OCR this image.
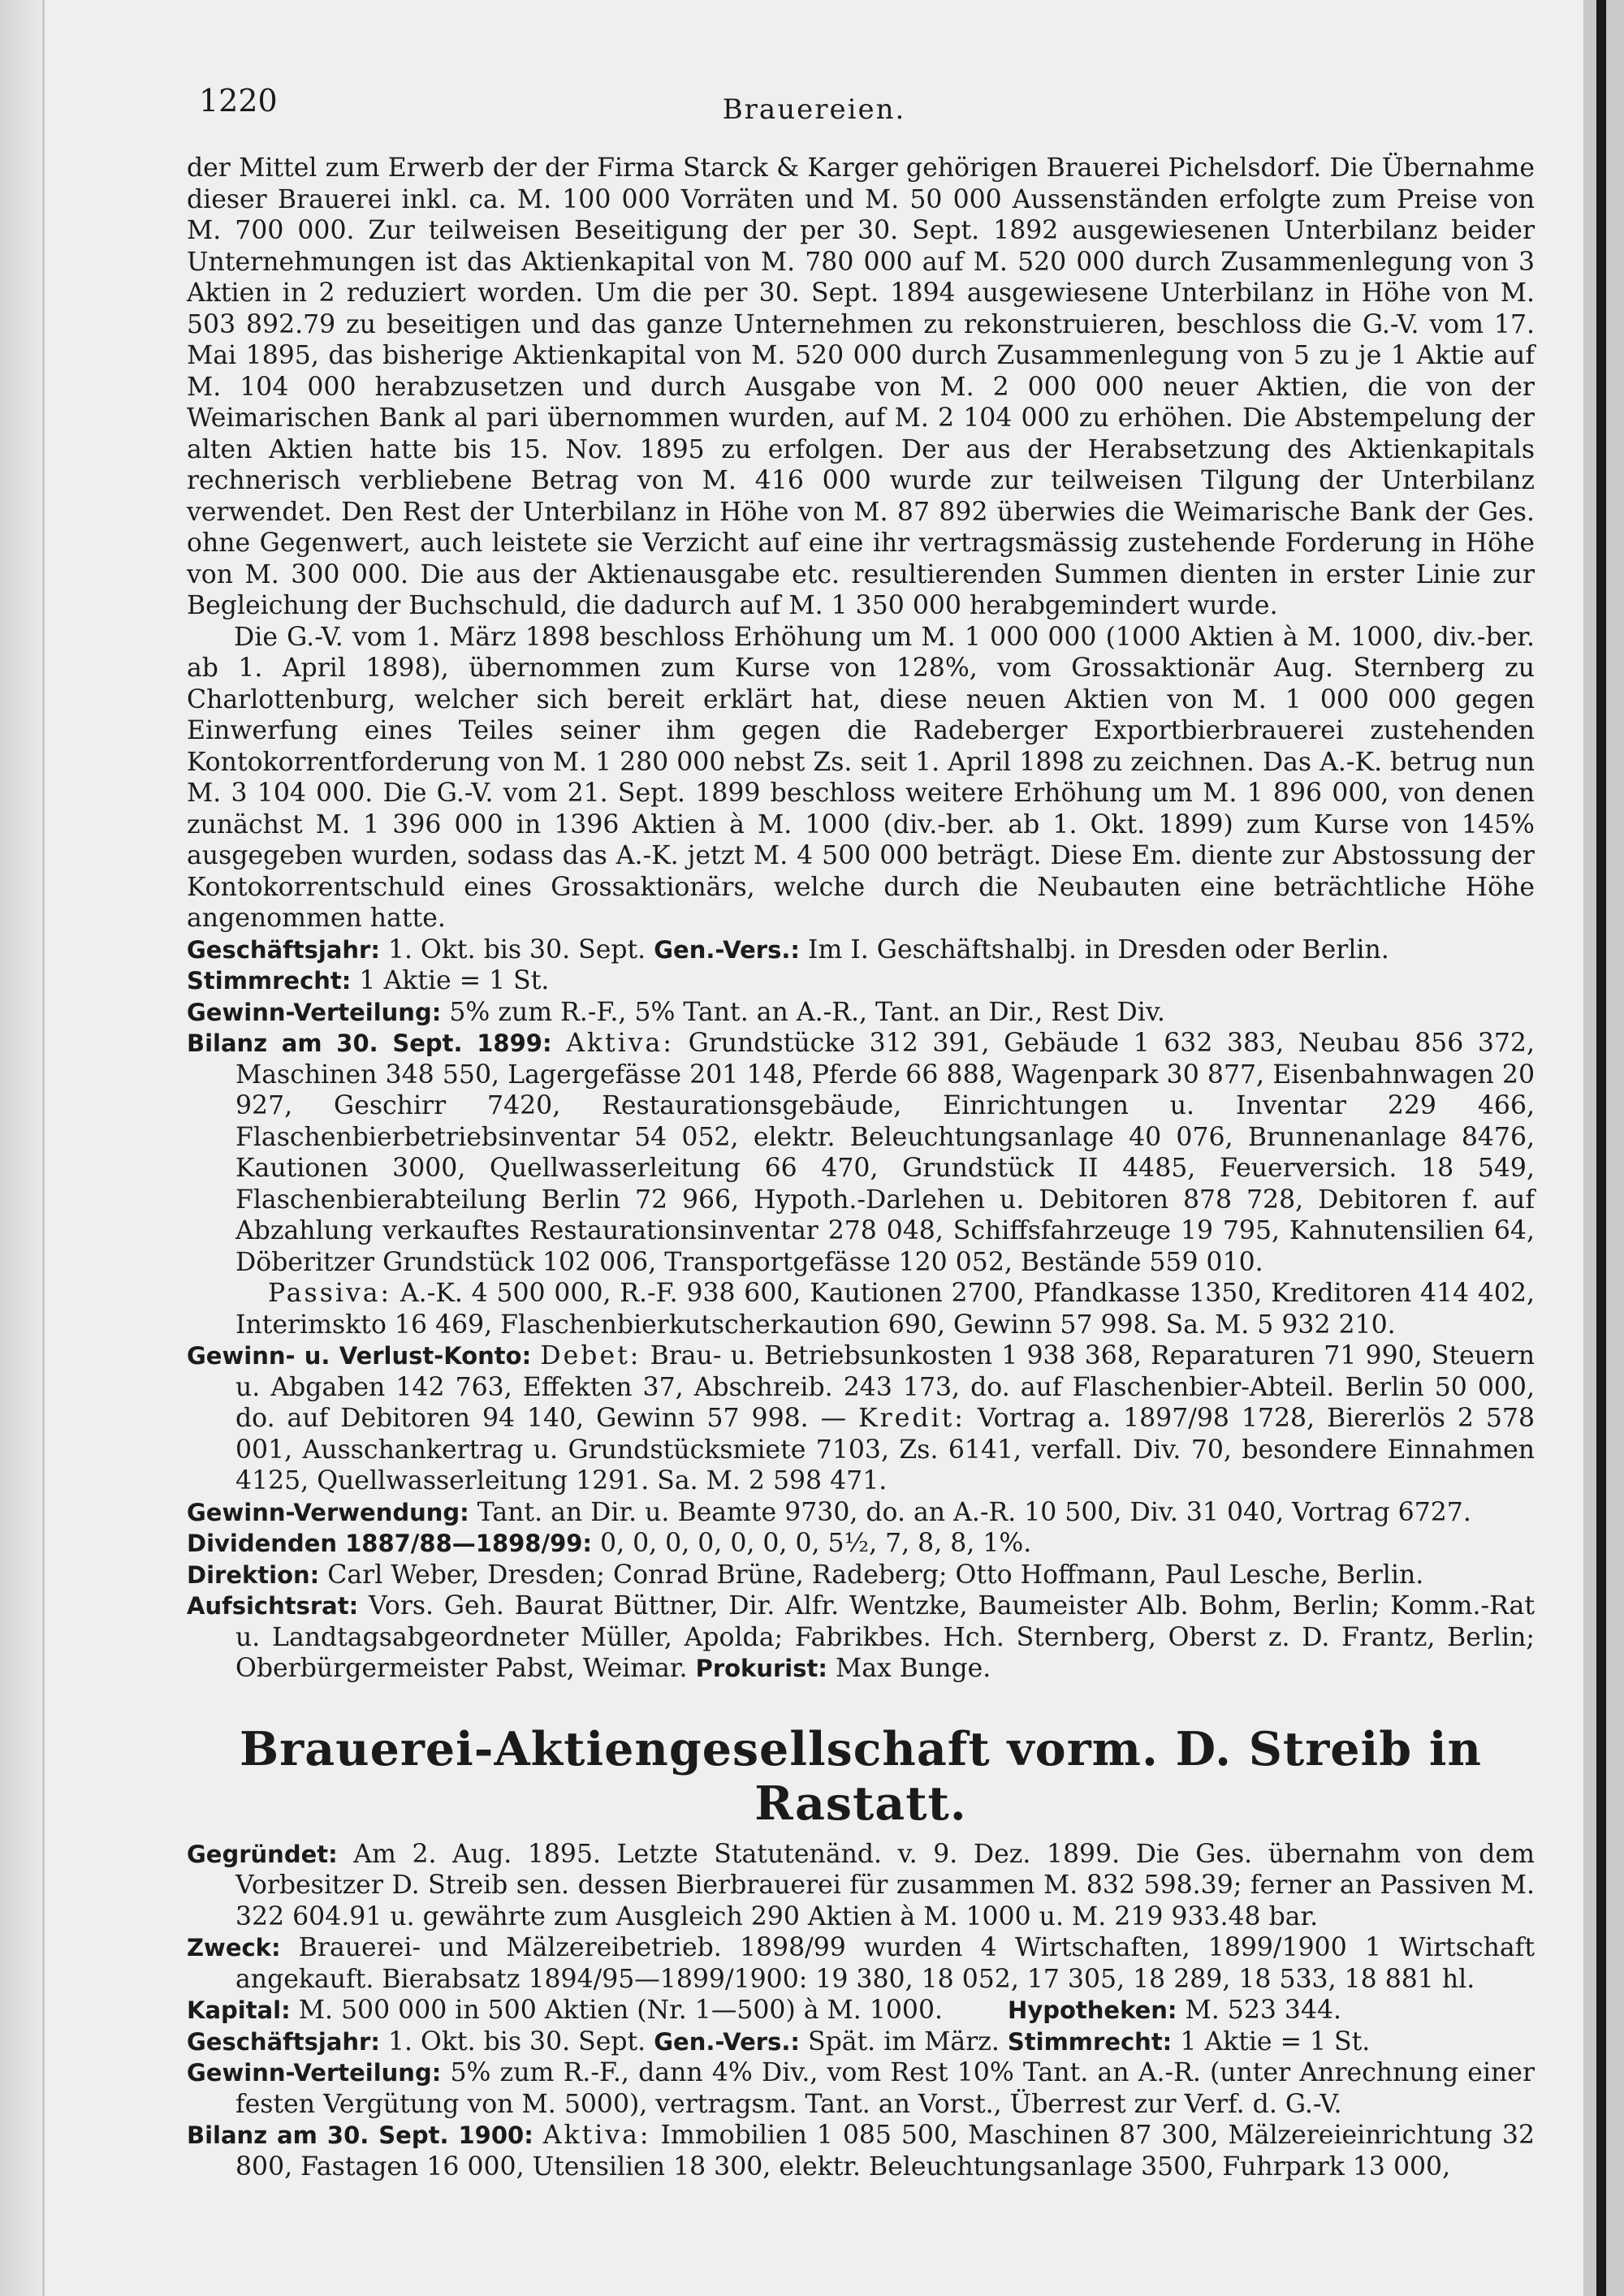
1220	Brauereien.

der Mittel zum Erwerb der der Firma Starck & Karger gehörigen Brauerei Pichelsdorf. Die Übernahme dieser Brauerei inkl. ca. M. 100 000 Vorräten und M. 50 000 Aussenständen erfolgte zum Preise von M. 700 000. Zur teilweisen Beseitigung der per 30. Sept. 1892 ausgewiesenen Unterbilanz beider Unternehmungen ist das Aktienkapital von M. 780 000 auf M. 520 000 durch Zusammenlegung von 3 Aktien in 2 reduziert worden. Um die per 30. Sept. 1894 ausgewiesene Unterbilanz in Höhe von M. 503 892.79 zu beseitigen und das ganze Unternehmen zu rekonstruieren, beschloss die G.-V. vom 17. Mai 1895, das bisherige Aktienkapital von M. 520 000 durch Zusammenlegung von 5 zu je 1 Aktie auf M. 104 000 herabzusetzen und durch Ausgabe von M. 2 000 000 neuer Aktien, die von der Weimarischen Bank al pari übernommen wurden, auf M. 2 104 000 zu erhöhen. Die Abstempelung der alten Aktien hatte bis 15. Nov. 1895 zu erfolgen. Der aus der Herabsetzung des Aktienkapitals rechnerisch verbliebene Betrag von M. 416 000 wurde zur teilweisen Tilgung der Unterbilanz verwendet. Den Rest der Unterbilanz in Höhe von M. 87 892 überwies die Weimarische Bank der Ges. ohne Gegenwert, auch leistete sie Verzicht auf eine ihr vertragsmässig zustehende Forderung in Höhe von M. 300 000. Die aus der Aktienausgabe etc. resultierenden Summen dienten in erster Linie zur Begleichung der Buchschuld, die dadurch auf M. 1 350 000 herabgemindert wurde.

Die G.-V. vom 1. März 1898 beschloss Erhöhung um M. 1 000 000 (1000 Aktien à M. 1000, div.-ber. ab 1. April 1898), übernommen zum Kurse von 128%, vom Grossaktionär Aug. Sternberg zu Charlottenburg, welcher sich bereit erklärt hat, diese neuen Aktien von M. 1 000 000 gegen Einwerfung eines Teiles seiner ihm gegen die Radeberger Exportbierbrauerei zustehenden Kontokorrentforderung von M. 1 280 000 nebst Zs. seit 1. April 1898 zu zeichnen. Das A.-K. betrug nun M. 3 104 000. Die G.-V. vom 21. Sept. 1899 beschloss weitere Erhöhung um M. 1 896 000, von denen zunächst M. 1 396 000 in 1396 Aktien à M. 1000 (div.-ber. ab 1. Okt. 1899) zum Kurse von 145% ausgegeben wurden, sodass das A.-K. jetzt M. 4 500 000 beträgt. Diese Em. diente zur Abstossung der Kontokorrentschuld eines Grossaktionärs, welche durch die Neubauten eine beträchtliche Höhe angenommen hatte.

Geschäftsjahr: 1. Okt. bis 30. Sept. Gen.-Vers.: Im I. Geschäftshalbj. in Dresden oder Berlin.

Stimmrecht: 1 Aktie = 1 St.

Gewinn-Verteilung: 5% zum R.-F., 5% Tant. an A.-R., Tant. an Dir., Rest Div.

Bilanz am 30. Sept. 1899: Aktiva: Grundstücke 312 391, Gebäude 1 632 383, Neubau 856 372, Maschinen 348 550, Lagergefässe 201 148, Pferde 66 888, Wagenpark 30 877, Eisenbahnwagen 20 927, Geschirr 7420, Restaurationsgebäude, Einrichtungen u. Inventar 229 466, Flaschenbierbetriebsinventar 54 052, elektr. Beleuchtungsanlage 40 076, Brunnenanlage 8476, Kautionen 3000, Quellwasserleitung 66 470, Grundstück II 4485, Feuerversich. 18 549, Flaschenbierabteilung Berlin 72 966, Hypoth.-Darlehen u. Debitoren 878 728, Debitoren f. auf Abzahlung verkauftes Restaurationsinventar 278 048, Schiffsfahrzeuge 19 795, Kahnutensilien 64, Döberitzer Grundstück 102 006, Transportgefässe 120 052, Bestände 559 010.

Passiva: A.-K. 4 500 000, R.-F. 938 600, Kautionen 2700, Pfandkasse 1350, Kreditoren 414 402, Interimskto 16 469, Flaschenbierkutscherkaution 690, Gewinn 57 998. Sa. M. 5 932 210.

Gewinn- u. Verlust-Konto: Debet: Brau- u. Betriebsunkosten 1 938 368, Reparaturen 71 990, Steuern u. Abgaben 142 763, Effekten 37, Abschreib. 243 173, do. auf Flaschenbier-Abteil. Berlin 50 000, do. auf Debitoren 94 140, Gewinn 57 998. — Kredit: Vortrag a. 1897/98 1728, Biererlös 2 578 001, Ausschankertrag u. Grundstücksmiete 7103, Zs. 6141, verfall. Div. 70, besondere Einnahmen 4125, Quellwasserleitung 1291. Sa. M. 2 598 471.

Gewinn-Verwendung: Tant. an Dir. u. Beamte 9730, do. an A.-R. 10 500, Div. 31 040, Vortrag 6727.

Dividenden 1887/88—1898/99: 0, 0, 0, 0, 0, 0, 0, 5½, 7, 8, 8, 1%.

Direktion: Carl Weber, Dresden; Conrad Brüne, Radeberg; Otto Hoffmann, Paul Lesche, Berlin.

Aufsichtsrat: Vors. Geh. Baurat Büttner, Dir. Alfr. Wentzke, Baumeister Alb. Bohm, Berlin; Komm.-Rat u. Landtagsabgeordneter Müller, Apolda; Fabrikbes. Hch. Sternberg, Oberst z. D. Frantz, Berlin; Oberbürgermeister Pabst, Weimar. Prokurist: Max Bunge.

Brauerei-Aktiengesellschaft vorm. D. Streib in Rastatt.

Gegründet: Am 2. Aug. 1895. Letzte Statutenänd. v. 9. Dez. 1899. Die Ges. übernahm von dem Vorbesitzer D. Streib sen. dessen Bierbrauerei für zusammen M. 832 598.39; ferner an Passiven M. 322 604.91 u. gewährte zum Ausgleich 290 Aktien à M. 1000 u. M. 219 933.48 bar.

Zweck: Brauerei- und Mälzereibetrieb. 1898/99 wurden 4 Wirtschaften, 1899/1900 1 Wirtschaft angekauft. Bierabsatz 1894/95—1899/1900: 19 380, 18 052, 17 305, 18 289, 18 533, 18 881 hl.

Kapital: M. 500 000 in 500 Aktien (Nr. 1—500) à M. 1000.	Hypotheken: M. 523 344.

Geschäftsjahr: 1. Okt. bis 30. Sept. Gen.-Vers.: Spät. im März. Stimmrecht: 1 Aktie = 1 St.

Gewinn-Verteilung: 5% zum R.-F., dann 4% Div., vom Rest 10% Tant. an A.-R. (unter Anrechnung einer festen Vergütung von M. 5000), vertragsm. Tant. an Vorst., Überrest zur Verf. d. G.-V.

Bilanz am 30. Sept. 1900: Aktiva: Immobilien 1 085 500, Maschinen 87 300, Mälzereieinrichtung 32 800, Fastagen 16 000, Utensilien 18 300, elektr. Beleuchtungsanlage 3500, Fuhrpark 13 000,
